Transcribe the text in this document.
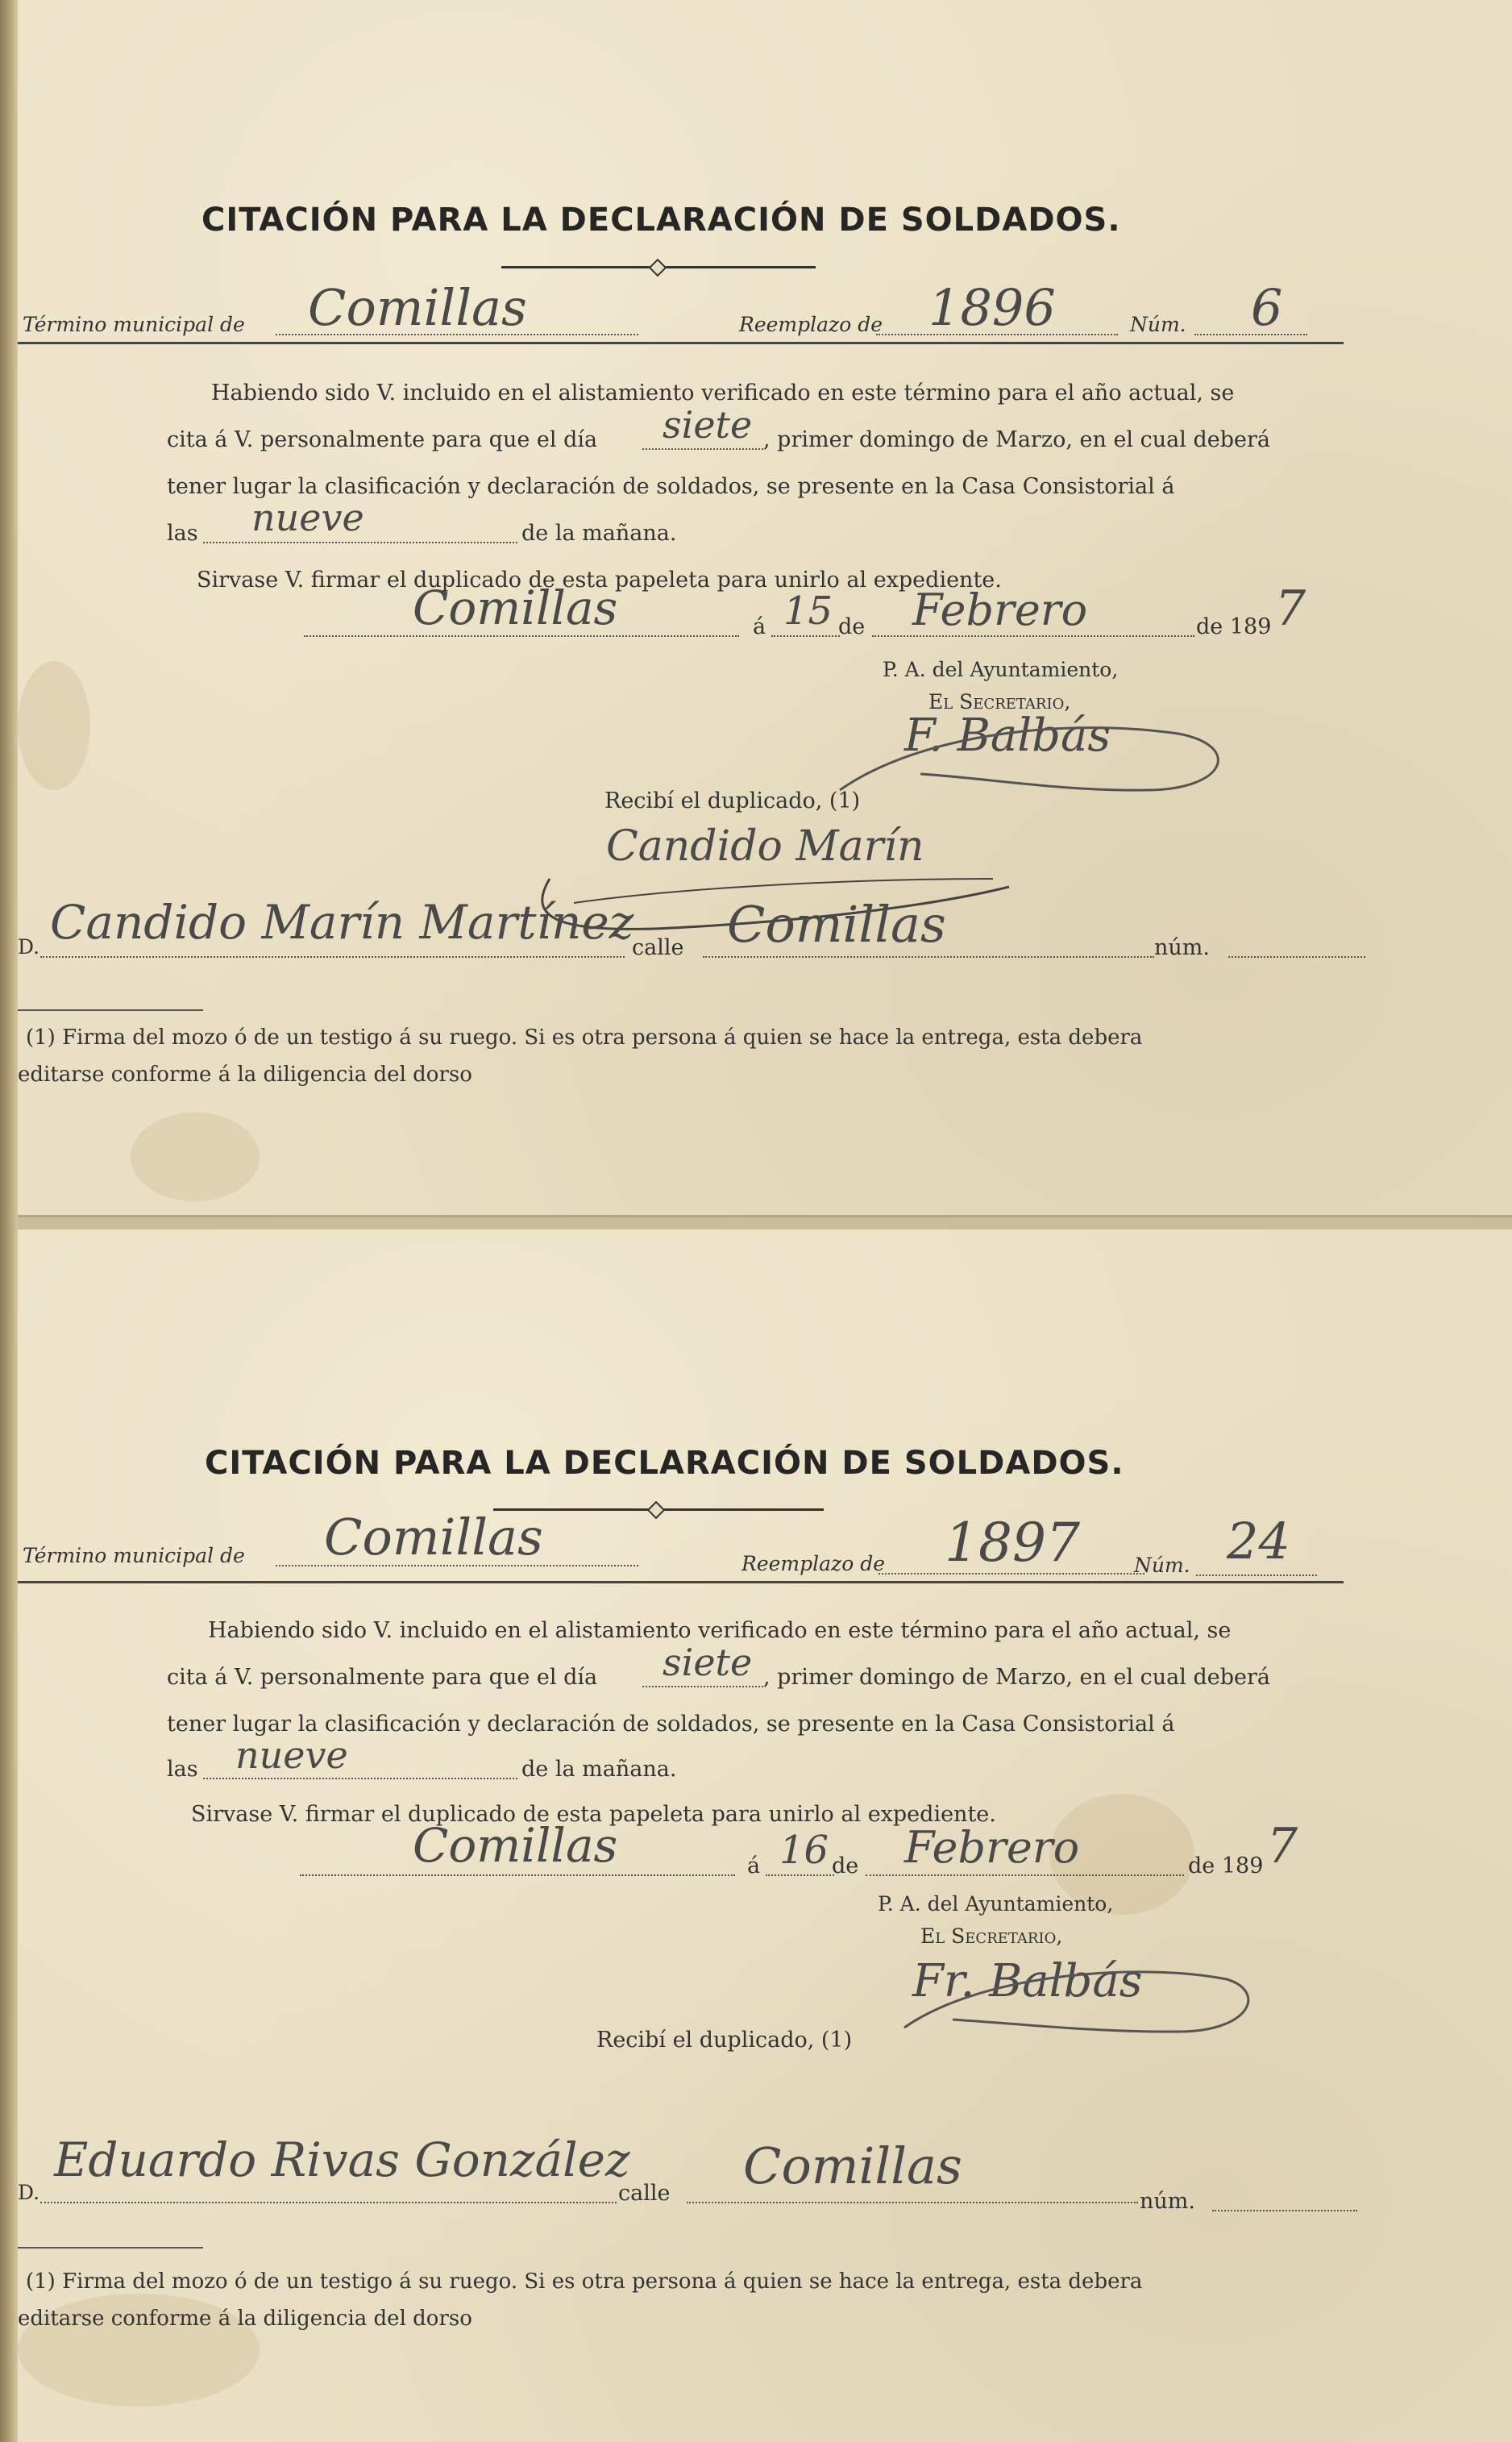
CITACIÓN PARA LA DECLARACIÓN DE SOLDADOS.
Término municipal de Comillas	Reemplazo de 1896	Núm. 6
Habiendo sido V. incluido en el alistamiento verificado en este término para el año actual, se
cita á V. personalmente para que el día siete , primer domingo de Marzo, en el cual deberá
tener lugar la clasificación y declaración de soldados, se presente en la Casa Consistorial á
las nueve	de la mañana.
Sirvase V. firmar el duplicado de esta papeleta para unirlo al expediente.
Comillas	á 15 de Febrero	de 189 7
P. A. del Ayuntamiento,
El Secretario,
F. Balbás
Recibí el duplicado, (1)
Candido Marín
D. Candido Marín Martínez
calle Comillas	núm.
(1) Firma del mozo ó de un testigo á su ruego. Si es otra persona á quien se hace la entrega, esta debera
editarse conforme á la diligencia del dorso
CITACIÓN PARA LA DECLARACIÓN DE SOLDADOS.
Término municipal de Comillas	Reemplazo de 1897	Núm. 24
Habiendo sido V. incluido en el alistamiento verificado en este término para el año actual, se
cita á V. personalmente para que el día siete , primer domingo de Marzo, en el cual deberá
tener lugar la clasificación y declaración de soldados, se presente en la Casa Consistorial á
las nueve	de la mañana.
Sirvase V. firmar el duplicado de esta papeleta para unirlo al expediente.
Comillas	á 16 de Febrero	de 189 7
P. A. del Ayuntamiento,
El Secretario,
Fr. Balbás
Recibí el duplicado, (1)
D.
Eduardo Rivas González
calle Comillas
núm.
(1) Firma del mozo ó de un testigo á su ruego. Si es otra persona á quien se hace la entrega, esta debera
editarse conforme á la diligencia del dorso
